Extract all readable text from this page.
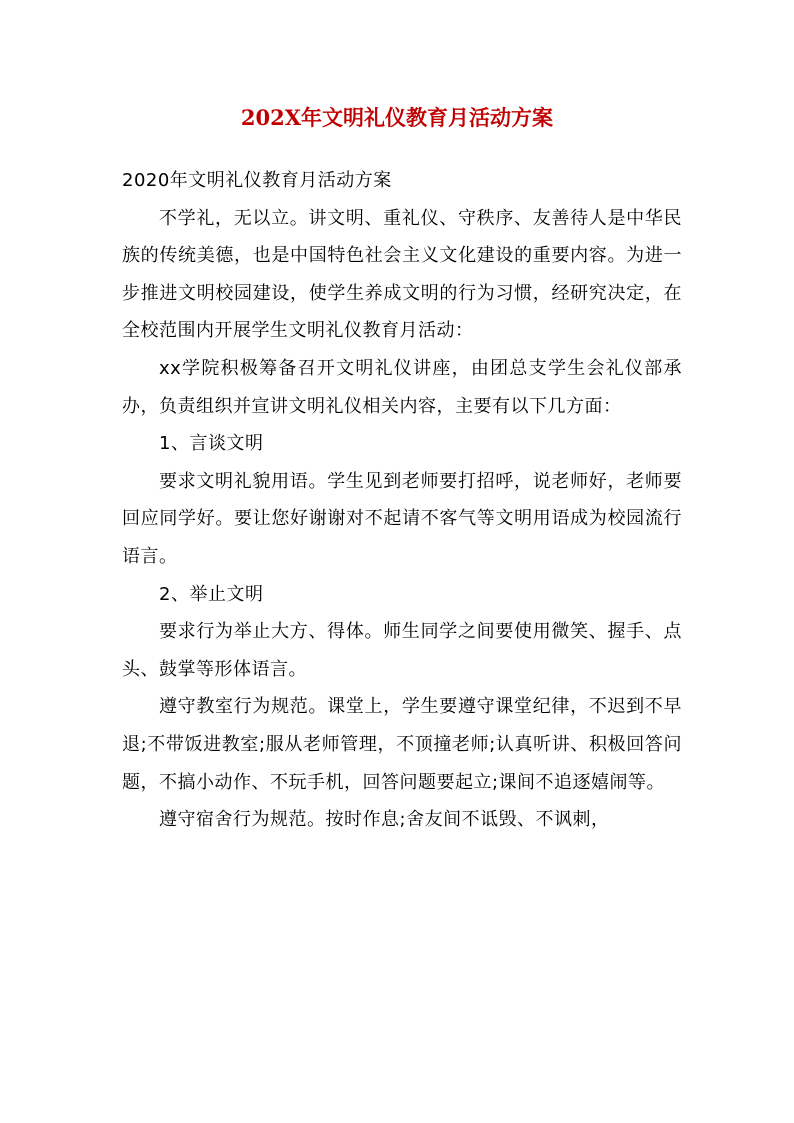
202X年文明礼仪教育月活动方案

2020年文明礼仪教育月活动方案

不学礼，无以立。讲文明、重礼仪、守秩序、友善待人是中华民族的传统美德，也是中国特色社会主义文化建设的重要内容。为进一步推进文明校园建设，使学生养成文明的行为习惯，经研究决定，在全校范围内开展学生文明礼仪教育月活动：

xx学院积极筹备召开文明礼仪讲座，由团总支学生会礼仪部承办，负责组织并宣讲文明礼仪相关内容，主要有以下几方面：

1、言谈文明

要求文明礼貌用语。学生见到老师要打招呼，说老师好，老师要回应同学好。要让您好谢谢对不起请不客气等文明用语成为校园流行语言。

2、举止文明

要求行为举止大方、得体。师生同学之间要使用微笑、握手、点头、鼓掌等形体语言。

遵守教室行为规范。课堂上，学生要遵守课堂纪律，不迟到不早退;不带饭进教室;服从老师管理，不顶撞老师;认真听讲、积极回答问题，不搞小动作、不玩手机，回答问题要起立;课间不追逐嬉闹等。

遵守宿舍行为规范。按时作息;舍友间不诋毁、不讽刺，
